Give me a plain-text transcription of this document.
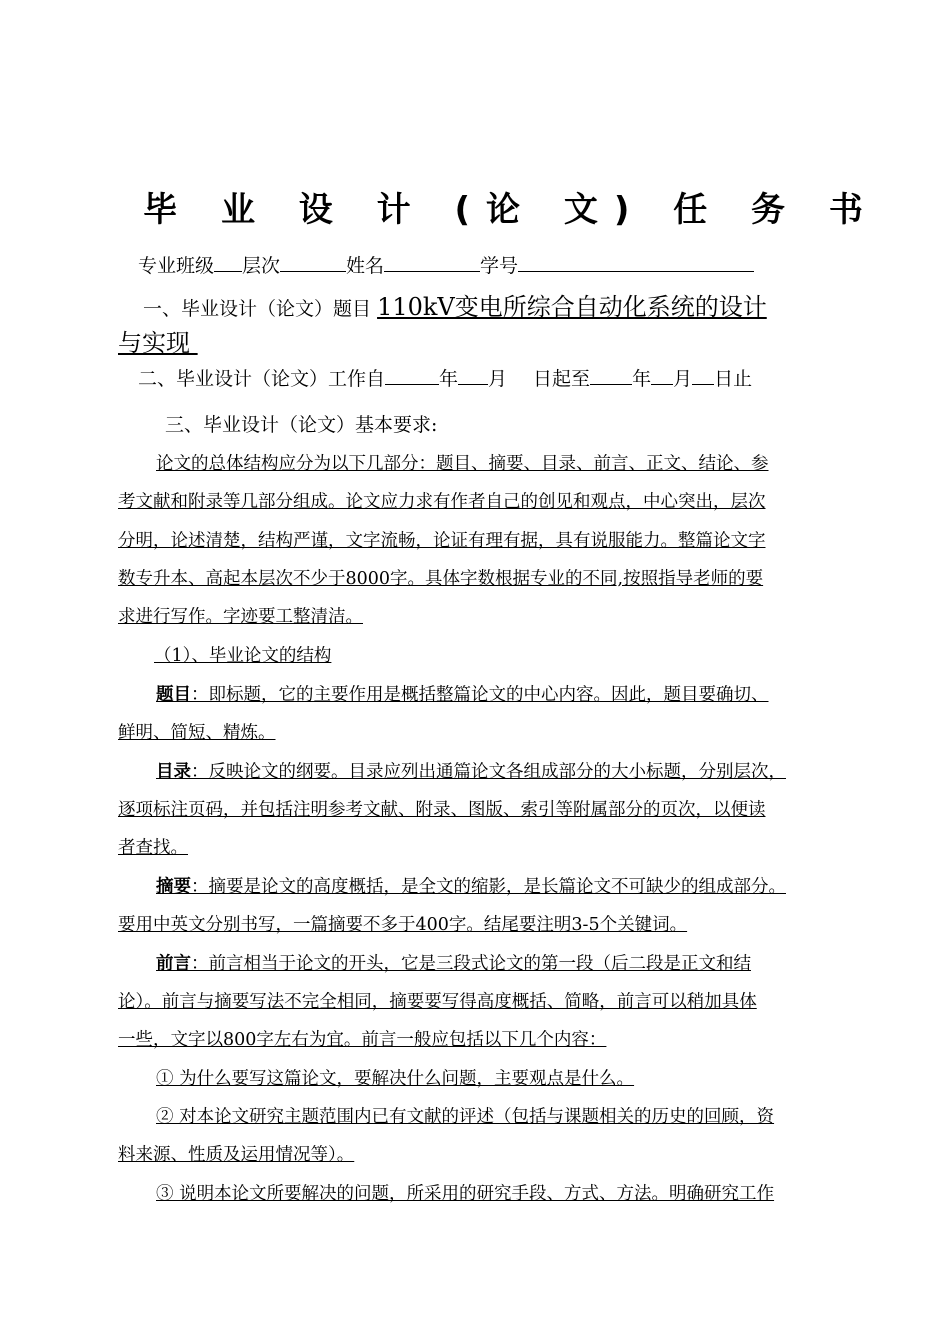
毕 业 设 计 (论 文) 任 务 书
专业班级 层次	姓名	学号
一、毕业设计（论文）题目 110kV变电所综合自动化系统的设计
与实现
二、毕业设计（论文）工作自	年 月 日起至 年 月 日止
三、毕业设计（论文）基本要求:
论文的总体结构应分为以下几部分：题目、摘要、目录、前言、正文、结论、参
考文献和附录等几部分组成。论文应力求有作者自己的创见和观点，中心突出，层次
分明，论述清楚，结构严谨，文字流畅，论证有理有据，具有说服能力。整篇论文字
数专升本、高起本层次不少于8000字。具体字数根据专业的不同,按照指导老师的要
求进行写作。字迹要工整清洁。
（1）、毕业论文的结构
题目：即标题，它的主要作用是概括整篇论文的中心内容。因此，题目要确切、
鲜明、简短、精炼。
目录：反映论文的纲要。目录应列出通篇论文各组成部分的大小标题，分别层次，
逐项标注页码，并包括注明参考文献、附录、图版、索引等附属部分的页次，以便读
者查找。
摘要：摘要是论文的高度概括，是全文的缩影，是长篇论文不可缺少的组成部分。
要用中英文分别书写，一篇摘要不多于400字。结尾要注明3-5个关键词。
前言：前言相当于论文的开头，它是三段式论文的第一段（后二段是正文和结
论）。前言与摘要写法不完全相同，摘要要写得高度概括、简略，前言可以稍加具体
一些，文字以800字左右为宜。前言一般应包括以下几个内容：
① 为什么要写这篇论文，要解决什么问题，主要观点是什么。
② 对本论文研究主题范围内已有文献的评述（包括与课题相关的历史的回顾，资
料来源、性质及运用情况等）。
③ 说明本论文所要解决的问题，所采用的研究手段、方式、方法。明确研究工作
